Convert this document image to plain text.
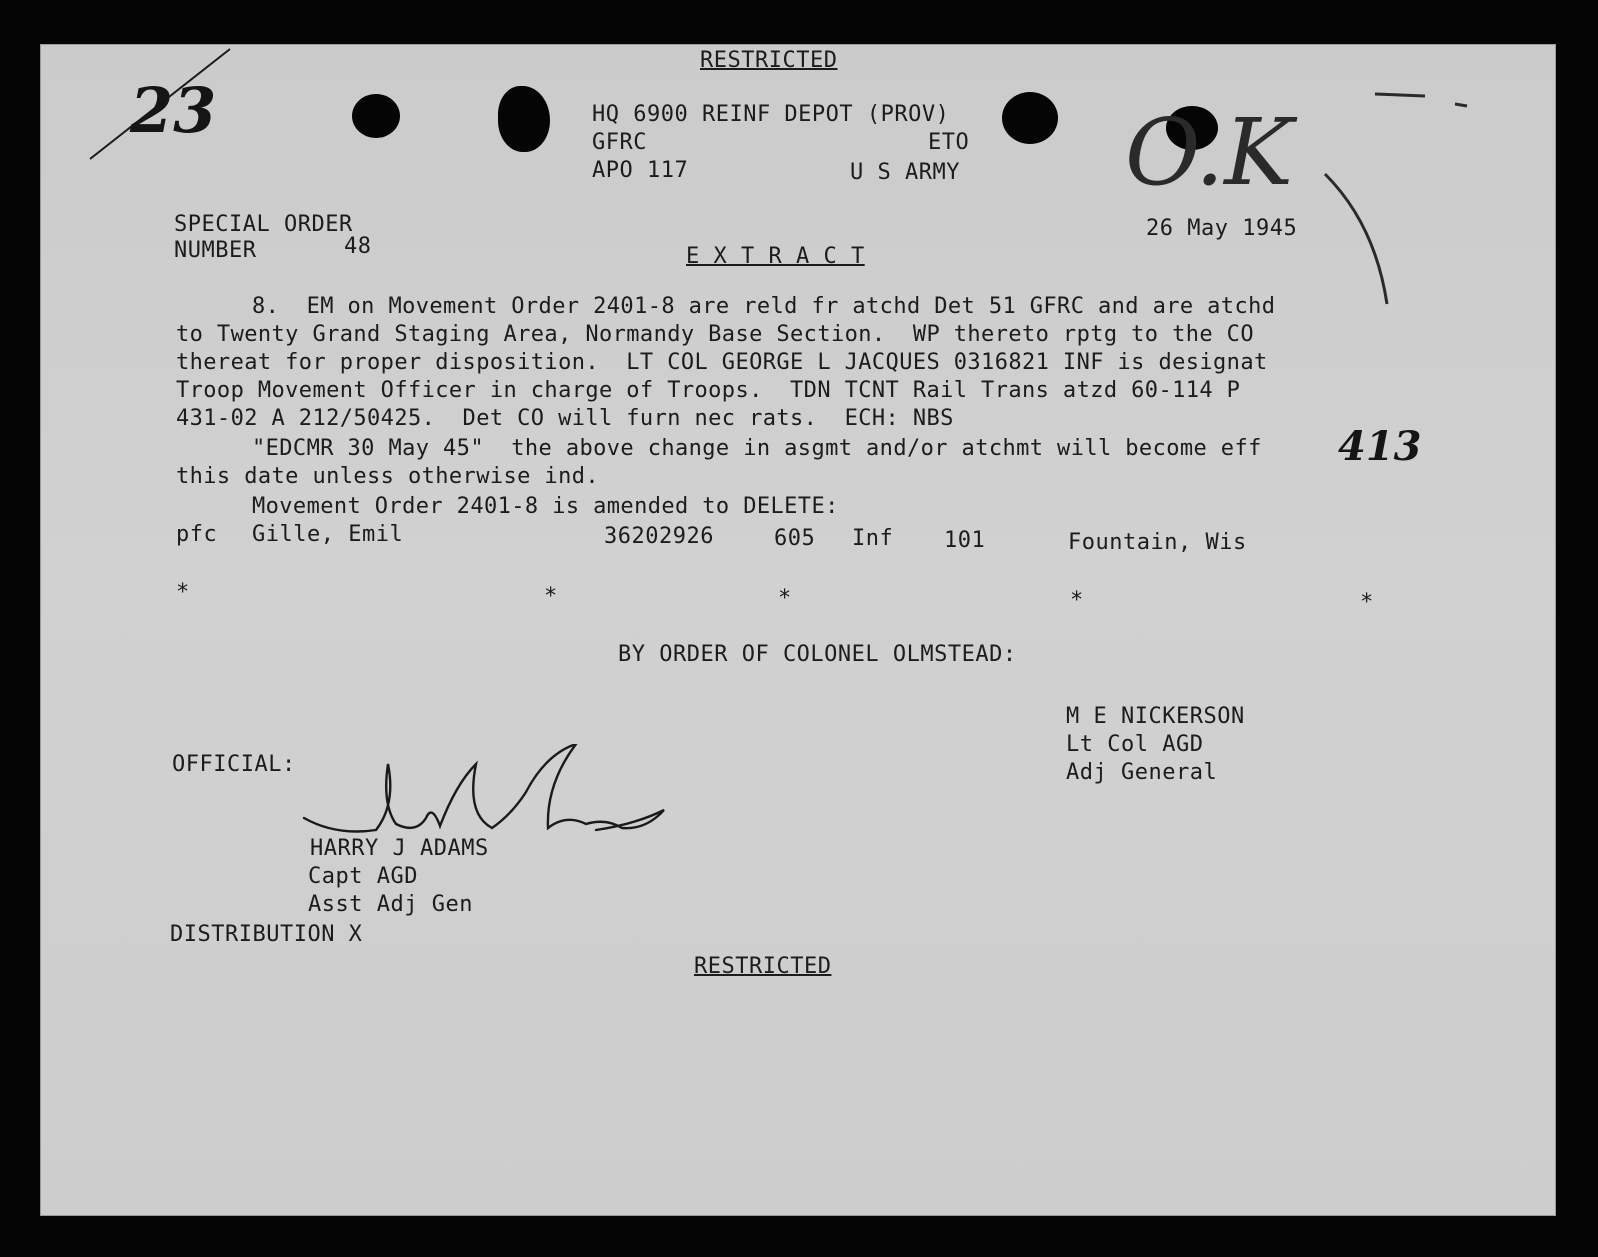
23	O.K
413
RESTRICTED
HQ 6900 REINF DEPOT (PROV)
GFRC	ETO
APO 117	U S ARMY
SPECIAL ORDER
NUMBER	48
26 May 1945
E X T R A C T
8.  EM on Movement Order 2401-8 are reld fr atchd Det 51 GFRC and are atchd
to Twenty Grand Staging Area, Normandy Base Section.  WP thereto rptg to the CO
thereat for proper disposition.  LT COL GEORGE L JACQUES 0316821 INF is designat
Troop Movement Officer in charge of Troops.  TDN TCNT Rail Trans atzd 60-114 P
431-02 A 212/50425.  Det CO will furn nec rats.  ECH: NBS
"EDCMR 30 May 45"  the above change in asgmt and/or atchmt will become eff
this date unless otherwise ind.
Movement Order 2401-8 is amended to DELETE:
pfc Gille, Emil	36202926	605 Inf 101	Fountain, Wis
*	*	*	*	*
BY ORDER OF COLONEL OLMSTEAD:
M E NICKERSON
Lt Col AGD
Adj General
OFFICIAL:
HARRY J ADAMS
Capt AGD
Asst Adj Gen
DISTRIBUTION X
RESTRICTED
